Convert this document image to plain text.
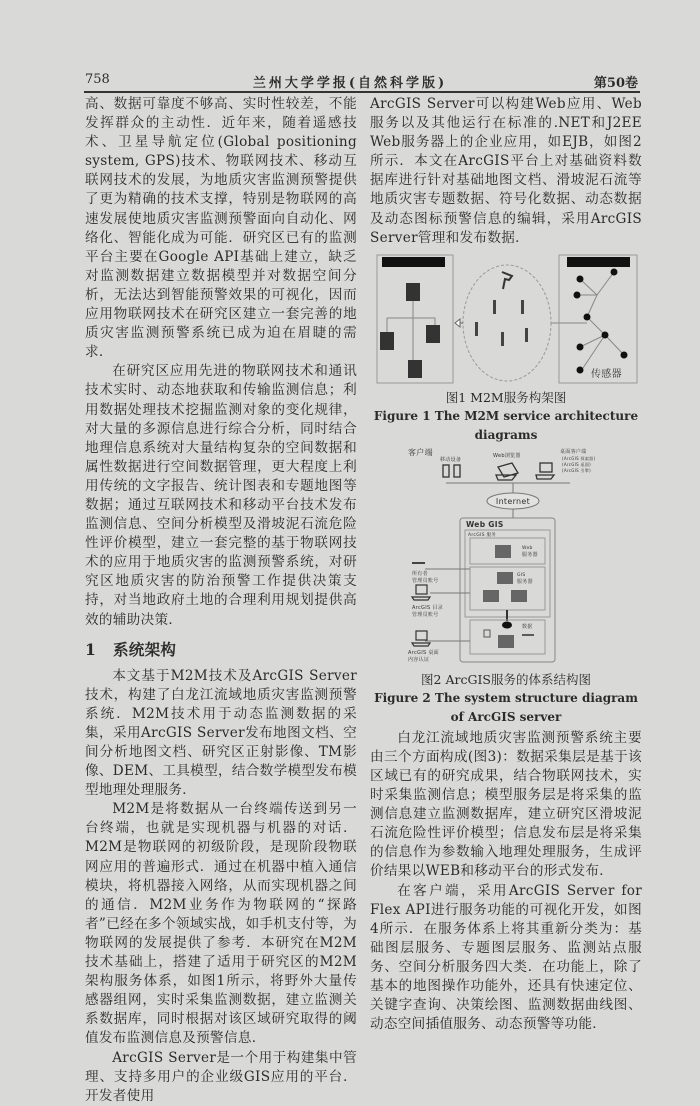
758	兰州大学学报(自然科学版)	第50卷

高、数据可靠度不够高、实时性较差，不能发挥群众的主动性．近年来，随着遥感技术、卫星导航定位(Global positioning system, GPS)技术、物联网技术、移动互联网技术的发展，为地质灾害监测预警提供了更为精确的技术支撑，特别是物联网的高速发展使地质灾害监测预警面向自动化、网络化、智能化成为可能．研究区已有的监测平台主要在Google API基础上建立，缺乏对监测数据建立数据模型并对数据空间分析，无法达到智能预警效果的可视化，因而应用物联网技术在研究区建立一套完善的地质灾害监测预警系统已成为迫在眉睫的需求．

在研究区应用先进的物联网技术和通讯技术实时、动态地获取和传输监测信息；利用数据处理技术挖掘监测对象的变化规律，对大量的多源信息进行综合分析，同时结合地理信息系统对大量结构复杂的空间数据和属性数据进行空间数据管理，更大程度上利用传统的文字报告、统计图表和专题地图等数据；通过互联网技术和移动平台技术发布监测信息、空间分析模型及滑坡泥石流危险性评价模型，建立一套完整的基于物联网技术的应用于地质灾害的监测预警系统，对研究区地质灾害的防治预警工作提供决策支持，对当地政府土地的合理利用规划提供高效的辅助决策．

1 系统架构

本文基于M2M技术及ArcGIS Server技术，构建了白龙江流域地质灾害监测预警系统．M2M技术用于动态监测数据的采集，采用ArcGIS Server发布地图文档、空间分析地图文档、研究区正射影像、TM影像、DEM、工具模型，结合数学模型发布模型地理处理服务．

M2M是将数据从一台终端传送到另一台终端，也就是实现机器与机器的对话．M2M是物联网的初级阶段，是现阶段物联网应用的普遍形式．通过在机器中植入通信模块，将机器接入网络，从而实现机器之间的通信．M2M业务作为物联网的“探路者”已经在多个领域实战，如手机支付等，为物联网的发展提供了参考．本研究在M2M技术基础上，搭建了适用于研究区的M2M架构服务体系，如图1所示，将野外大量传感器组网，实时采集监测数据，建立监测关系数据库，同时根据对该区域研究取得的阈值发布监测信息及预警信息．

ArcGIS Server是一个用于构建集中管理、支持多用户的企业级GIS应用的平台．开发者使用

ArcGIS Server可以构建Web应用、Web服务以及其他运行在标准的.NET和J2EE Web服务器上的企业应用，如EJB，如图2所示．本文在ArcGIS平台上对基础资料数据库进行针对基础地图文档、滑坡泥石流等地质灾害专题数据、符号化数据、动态数据及动态图标预警信息的编辑，采用ArcGIS Server管理和发布数据．

传感器
图1 M2M服务构架图
Figure 1 The M2M service architecture diagrams
客户端
移动设备
Web浏览器
桌面客户端
(ArcGIS 探索器)
(ArcGIS 桌面)
(ArcGIS 引擎)
Internet
Web GIS
ArcGIS 服务
Web
服务器
GIS
服务器
数据
所有者
管理员账号
ArcGIS 目录
管理员账号
ArcGIS 桌面
内容认证
图2 ArcGIS服务的体系结构图
Figure 2 The system structure diagram of ArcGIS server

白龙江流域地质灾害监测预警系统主要由三个方面构成(图3)：数据采集层是基于该区域已有的研究成果，结合物联网技术，实时采集监测信息；模型服务层是将采集的监测信息建立监测数据库，建立研究区滑坡泥石流危险性评价模型；信息发布层是将采集的信息作为参数输入地理处理服务，生成评价结果以WEB和移动平台的形式发布．

在客户端，采用ArcGIS Server for Flex API进行服务功能的可视化开发，如图4所示．在服务体系上将其重新分类为：基础图层服务、专题图层服务、监测站点服务、空间分析服务四大类．在功能上，除了基本的地图操作功能外，还具有快速定位、关键字查询、决策绘图、监测数据曲线图、动态空间插值服务、动态预警等功能．
